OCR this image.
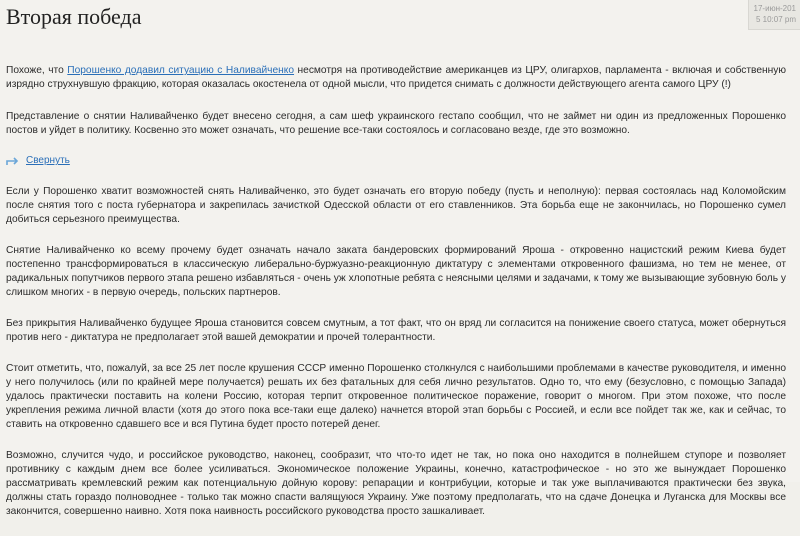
Вторая победа	17-июн-201
5 10:07 pm

Похоже, что Порошенко додавил ситуацию с Наливайченко несмотря на противодействие американцев из ЦРУ, олигархов, парламента - включая и собственную изрядно струхнувшую фракцию, которая оказалась окостенела от одной мысли, что придется снимать с должности действующего агента самого ЦРУ (!)

Представление о снятии Наливайченко будет внесено сегодня, а сам шеф украинского гестапо сообщил, что не займет ни один из предложенных Порошенко постов и уйдет в политику. Косвенно это может означать, что решение все-таки состоялось и согласовано везде, где это возможно.

Свернуть

Если у Порошенко хватит возможностей снять Наливайченко, это будет означать его вторую победу (пусть и неполную): первая состоялась над Коломойским после снятия того с поста губернатора и закрепилась зачисткой Одесской области от его ставленников. Эта борьба еще не закончилась, но Порошенко сумел добиться серьезного преимущества.

Снятие Наливайченко ко всему прочему будет означать начало заката бандеровских формирований Яроша - откровенно нацистский режим Киева будет постепенно трансформироваться в классическую либерально-буржуазно-реакционную диктатуру с элементами откровенного фашизма, но тем не менее, от радикальных попутчиков первого этапа решено избавляться - очень уж хлопотные ребята с неясными целями и задачами, к тому же вызывающие зубовную боль у слишком многих - в первую очередь, польских партнеров.

Без прикрытия Наливайченко будущее Яроша становится совсем смутным, а тот факт, что он вряд ли согласится на понижение своего статуса, может обернуться против него - диктатура не предполагает этой вашей демократии и прочей толерантности.

Стоит отметить, что, пожалуй, за все 25 лет после крушения СССР именно Порошенко столкнулся с наибольшими проблемами в качестве руководителя, и именно у него получилось (или по крайней мере получается) решать их без фатальных для себя лично результатов. Одно то, что ему (безусловно, с помощью Запада) удалось практически поставить на колени Россию, которая терпит откровенное политическое поражение, говорит о многом. При этом похоже, что после укрепления режима личной власти (хотя до этого пока все-таки еще далеко) начнется второй этап борьбы с Россией, и если все пойдет так же, как и сейчас, то ставить на откровенно сдавшего все и вся Путина будет просто потерей денег.

Возможно, случится чудо, и российское руководство, наконец, сообразит, что что-то идет не так, но пока оно находится в полнейшем ступоре и позволяет противнику с каждым днем все более усиливаться. Экономическое положение Украины, конечно, катастрофическое - но это же вынуждает Порошенко рассматривать кремлевский режим как потенциальную дойную корову: репарации и контрибуции, которые и так уже выплачиваются практически без звука, должны стать гораздо полноводнее - только так можно спасти валящуюся Украину. Уже поэтому предполагать, что на сдаче Донецка и Луганска для Москвы все закончится, совершенно наивно. Хотя пока наивность российского руководства просто зашкаливает.
